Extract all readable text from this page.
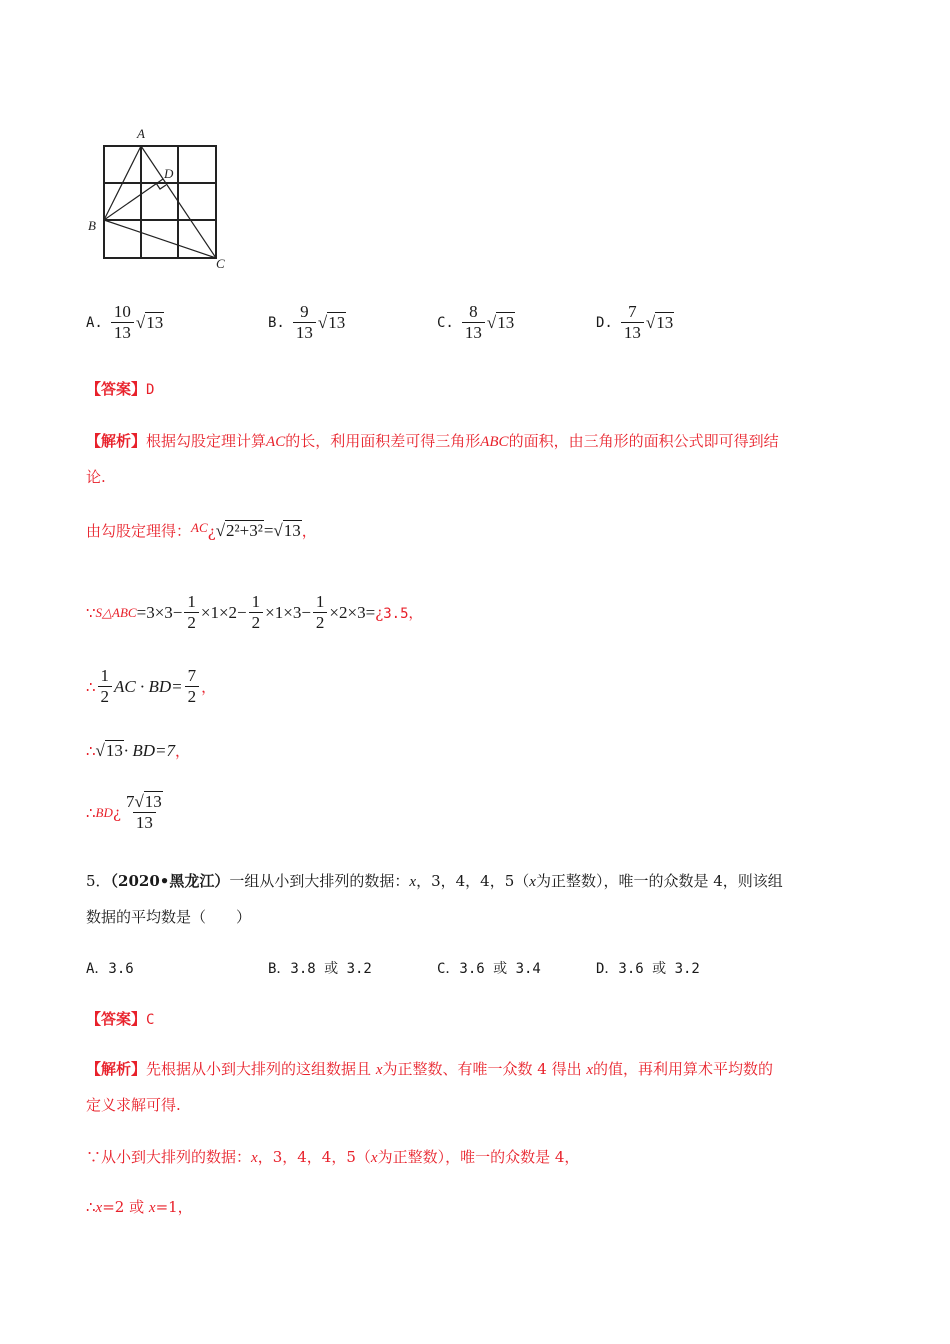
A
B
C
D
A. $\frac{10}{13} √13$	B. $\frac{9}{13} √13$	C. $\frac{8}{13} √13$	D. $\frac{7}{13} √13$
【答案】D
【解析】根据勾股定理计算AC的长，利用面积差可得三角形ABC的面积，由三角形的面积公式即可得到结
论.
由勾股定理得： AC ¿ √2²+3² = √13 ，
∵ S△ABC $=3\times 3- \frac{1}{2} \times 1\times 2- \frac{1}{2} \times 1\times 3- \frac{1}{2} \times 2\times 3=$ ¿ 3.5，
∴ $\frac{1}{2}$ AC · $BD= \frac{7}{2}$ ，
∴ √13 · BD=7 ，
∴ BD ¿ $\frac{7√13}{13}$
5．（2020•黑龙江）一组从小到大排列的数据：x，3，4，4，5（x为正整数），唯一的众数是 4，则该组
数据的平均数是（　　）
A．3.6	B．3.8 或 3.2	C．3.6 或 3.4	D．3.6 或 3.2
【答案】C
【解析】先根据从小到大排列的这组数据且 x为正整数、有唯一众数 4 得出 x的值，再利用算术平均数的
定义求解可得.
∵从小到大排列的数据：x，3，4，4，5（x为正整数），唯一的众数是 4，
∴x=2 或 x=1，
